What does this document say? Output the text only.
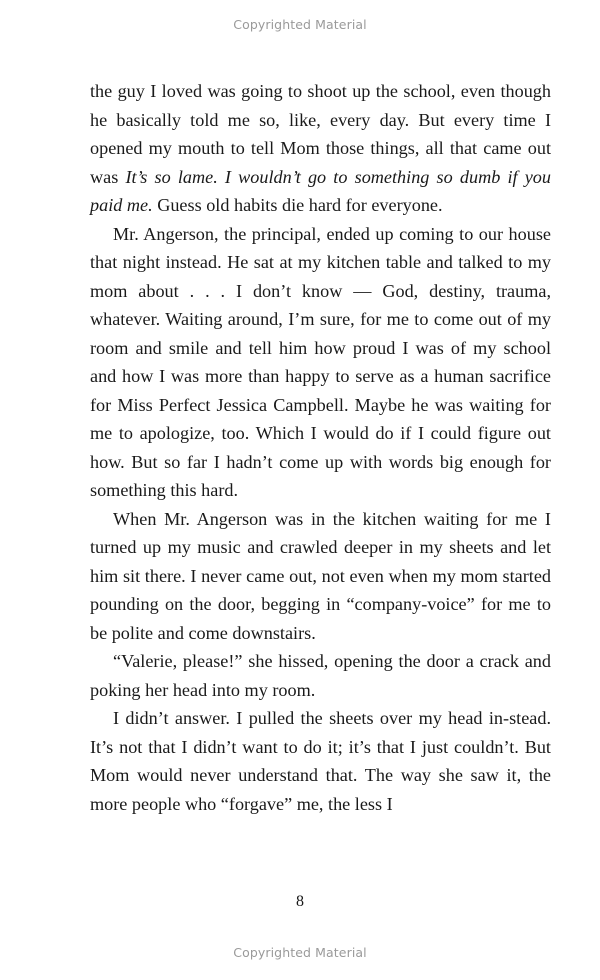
Copyrighted Material

the guy I loved was going to shoot up the school, even though he basically told me so, like, every day. But every time I opened my mouth to tell Mom those things, all that came out was It’s so lame. I wouldn’t go to something so dumb if you paid me. Guess old habits die hard for everyone.

Mr. Angerson, the principal, ended up coming to our house that night instead. He sat at my kitchen table and talked to my mom about . . . I don’t know — God, destiny, trauma, whatever. Waiting around, I’m sure, for me to come out of my room and smile and tell him how proud I was of my school and how I was more than happy to serve as a human sacrifice for Miss Perfect Jessica Campbell. Maybe he was waiting for me to apologize, too. Which I would do if I could figure out how. But so far I hadn’t come up with words big enough for something this hard.

When Mr. Angerson was in the kitchen waiting for me I turned up my music and crawled deeper in my sheets and let him sit there. I never came out, not even when my mom started pounding on the door, begging in “company-voice” for me to be polite and come downstairs.

“Valerie, please!” she hissed, opening the door a crack and poking her head into my room.

I didn’t answer. I pulled the sheets over my head in-stead. It’s not that I didn’t want to do it; it’s that I just couldn’t. But Mom would never understand that. The way she saw it, the more people who “forgave” me, the less I

8
Copyrighted Material
